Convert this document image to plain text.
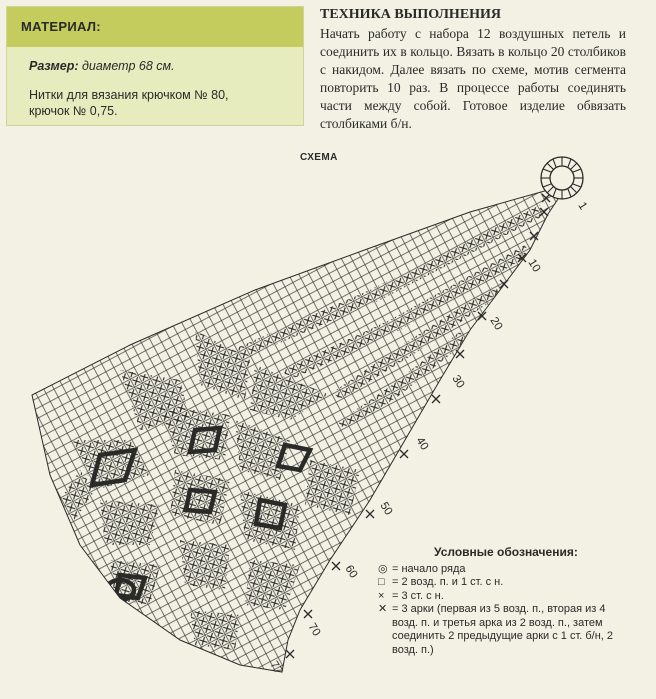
МАТЕРИАЛ:
Размер: диаметр 68 см.
Нитки для вязания крючком № 80,
крючок № 0,75.
ТЕХНИКА ВЫПОЛНЕНИЯ
Начать работу с набора 12 воздушных петель и соединить их в кольцо. Вязать в кольцо 20 столбиков с накидом. Далее вязать по схеме, мотив сегмента повторить 10 раз. В процессе работы соединять части между собой. Готовое изделие обвязать столбиками б/н.
СХЕМА
1
10
20
30
40
50
60
70
77
Условные обозначения:
◎ = начало ряда
□ = 2 возд. п. и 1 ст. с н.
× = 3 ст. с н.
✕ = 3 арки (первая из 5 возд. п., вторая из 4 возд. п. и третья арка из 2 возд. п., затем соединить 2 предыдущие арки с 1 ст. б/н, 2 возд. п.)
